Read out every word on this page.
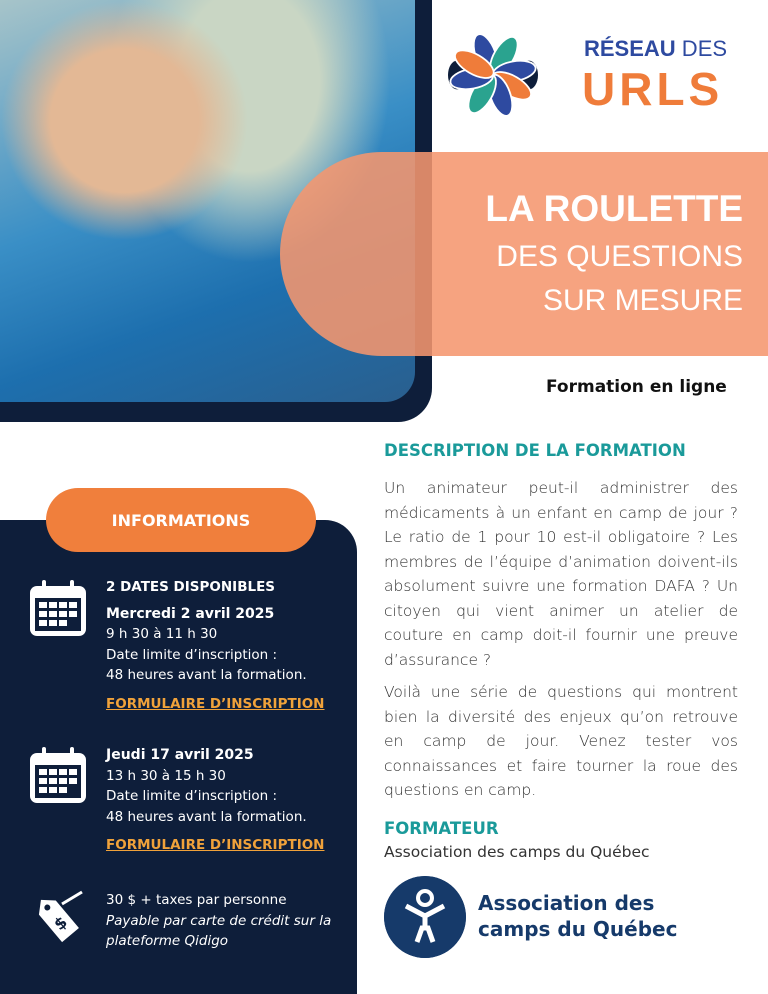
LA ROULETTE
DES QUESTIONS
SUR MESURE
RÉSEAU DES
URLS
Formation en ligne
INFORMATIONS
2 DATES DISPONIBLES
Mercredi 2 avril 2025
9 h 30 à 11 h 30
Date limite d’inscription :
48 heures avant la formation.
FORMULAIRE D’INSCRIPTION
Jeudi 17 avril 2025
13 h 30 à 15 h 30
Date limite d’inscription :
48 heures avant la formation.
FORMULAIRE D’INSCRIPTION
$
30 $ + taxes par personne
Payable par carte de crédit sur la plateforme Qidigo
DESCRIPTION DE LA FORMATION
Un animateur peut-il administrer des médicaments à un enfant en camp de jour ? Le ratio de 1 pour 10 est-il obligatoire ? Les membres de l’équipe d’animation doivent-ils absolument suivre une formation DAFA ? Un citoyen qui vient animer un atelier de couture en camp doit-il fournir une preuve d’assurance ?
Voilà une série de questions qui montrent bien la diversité des enjeux qu’on retrouve en camp de jour. Venez tester vos connaissances et faire tourner la roue des questions en camp.
FORMATEUR
Association des camps du Québec
Association des
camps du Québec
